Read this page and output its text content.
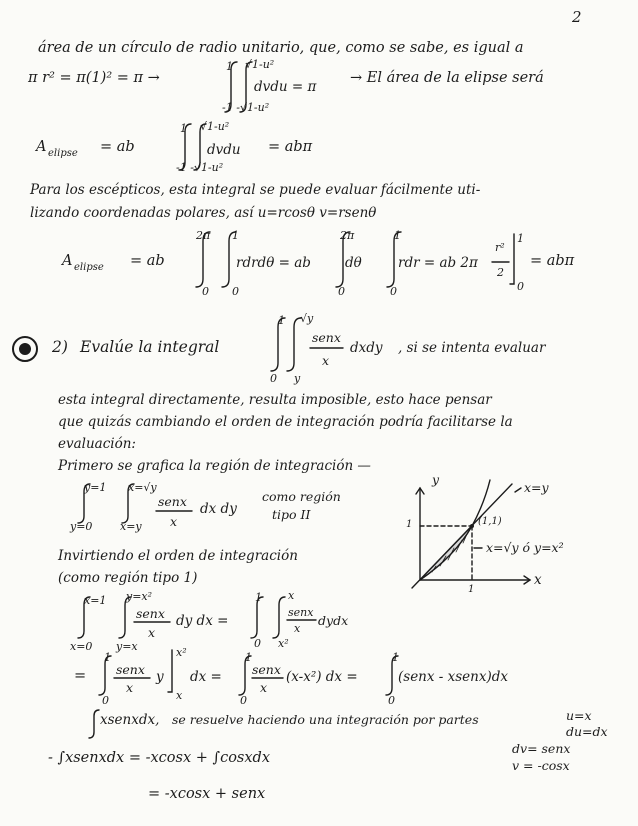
2
área de un círculo de radio unitario, que, como se sabe, es igual a
π r² = π(1)² = π →
1 √1-u²
dvdu = π
-1 -√1-u²
→ El área de la elipse será
A elipse = ab
1 √1-u²
dvdu
-1 -√1-u²
= abπ
Para los escépticos, esta integral se puede evaluar fácilmente uti-
lizando coordenadas polares, así u=rcosθ v=rsenθ
A elipse = ab
2π 1
rdrdθ = ab
0 0
2π
dθ
0
1
rdr = ab 2π
0
r²
2
1
0
= abπ
2) Evalúe la integral
1 √y
senx
x
dxdy
0 y
, si se intenta evaluar
esta integral directamente, resulta imposible, esto hace pensar
que quizás cambiando el orden de integración podría facilitarse la
evaluación:
Primero se grafica la región de integración —
y=1 x=√y
senx
x
dx dy
y=0	x=y
como región
tipo II
Invirtiendo el orden de integración
(como región tipo 1)
x=1 y=x²
senx
x
dy dx =
x=0 y=x
1 x
senx
x
dydx
0 x²
=
1
senx
x
y
x²
x
dx =
0
1
senx
x
(x-x²) dx =
0
1
(senx - xsenx)dx
0
xsenxdx, se resuelve haciendo una integración por partes	u=x
du=dx
dv= senx
v = -cosx
- ∫xsenxdx = -xcosx + ∫cosxdx
= -xcosx + senx
y
x
x=y
x=√y ó y=x²
(1,1)
1
1
